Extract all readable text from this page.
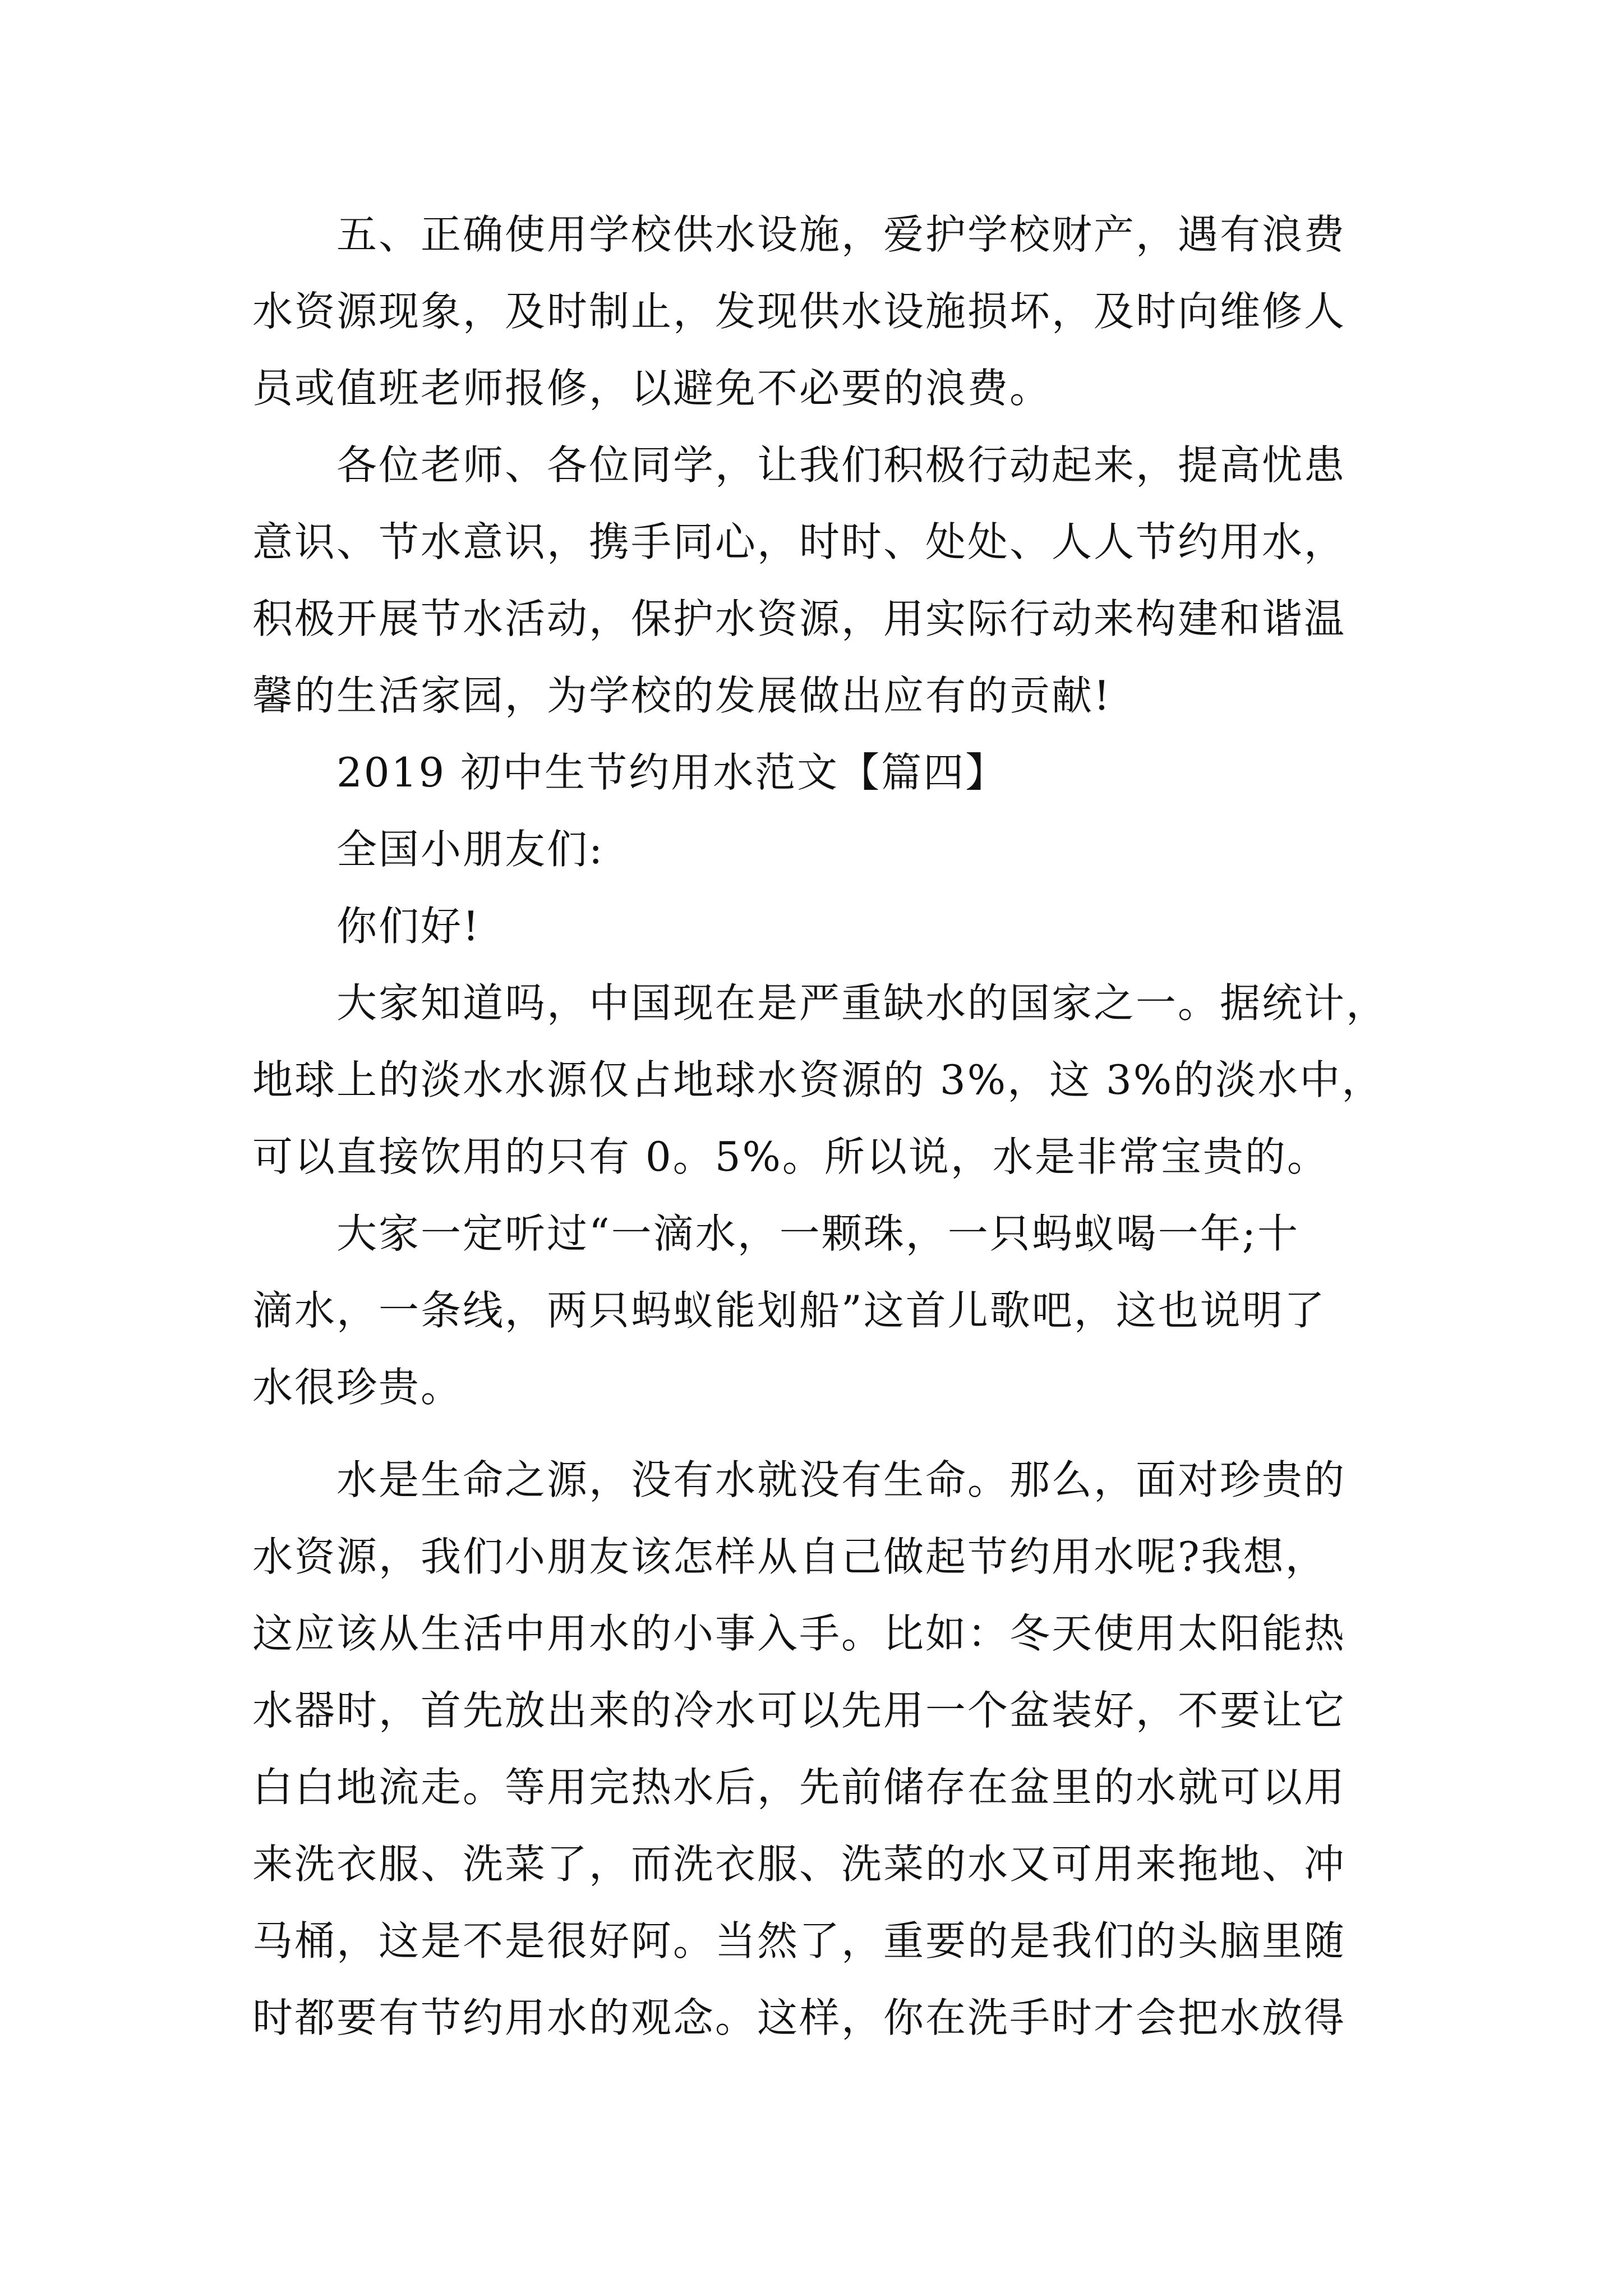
五、正确使用学校供水设施，爱护学校财产，遇有浪费
水资源现象，及时制止，发现供水设施损坏，及时向维修人
员或值班老师报修，以避免不必要的浪费。

各位老师、各位同学，让我们积极行动起来，提高忧患
意识、节水意识，携手同心，时时、处处、人人节约用水，
积极开展节水活动，保护水资源，用实际行动来构建和谐温
馨的生活家园，为学校的发展做出应有的贡献!

2019 初中生节约用水范文【篇四】

全国小朋友们:

你们好!

大家知道吗，中国现在是严重缺水的国家之一。据统计，
地球上的淡水水源仅占地球水资源的 3%，这 3%的淡水中，
可以直接饮用的只有 0。5%。所以说，水是非常宝贵的。

大家一定听过“一滴水，一颗珠，一只蚂蚁喝一年;十
滴水，一条线，两只蚂蚁能划船”这首儿歌吧，这也说明了
水很珍贵。

水是生命之源，没有水就没有生命。那么，面对珍贵的
水资源，我们小朋友该怎样从自己做起节约用水呢?我想，
这应该从生活中用水的小事入手。比如：冬天使用太阳能热
水器时，首先放出来的冷水可以先用一个盆装好，不要让它
白白地流走。等用完热水后，先前储存在盆里的水就可以用
来洗衣服、洗菜了，而洗衣服、洗菜的水又可用来拖地、冲
马桶，这是不是很好阿。当然了，重要的是我们的头脑里随
时都要有节约用水的观念。这样，你在洗手时才会把水放得
